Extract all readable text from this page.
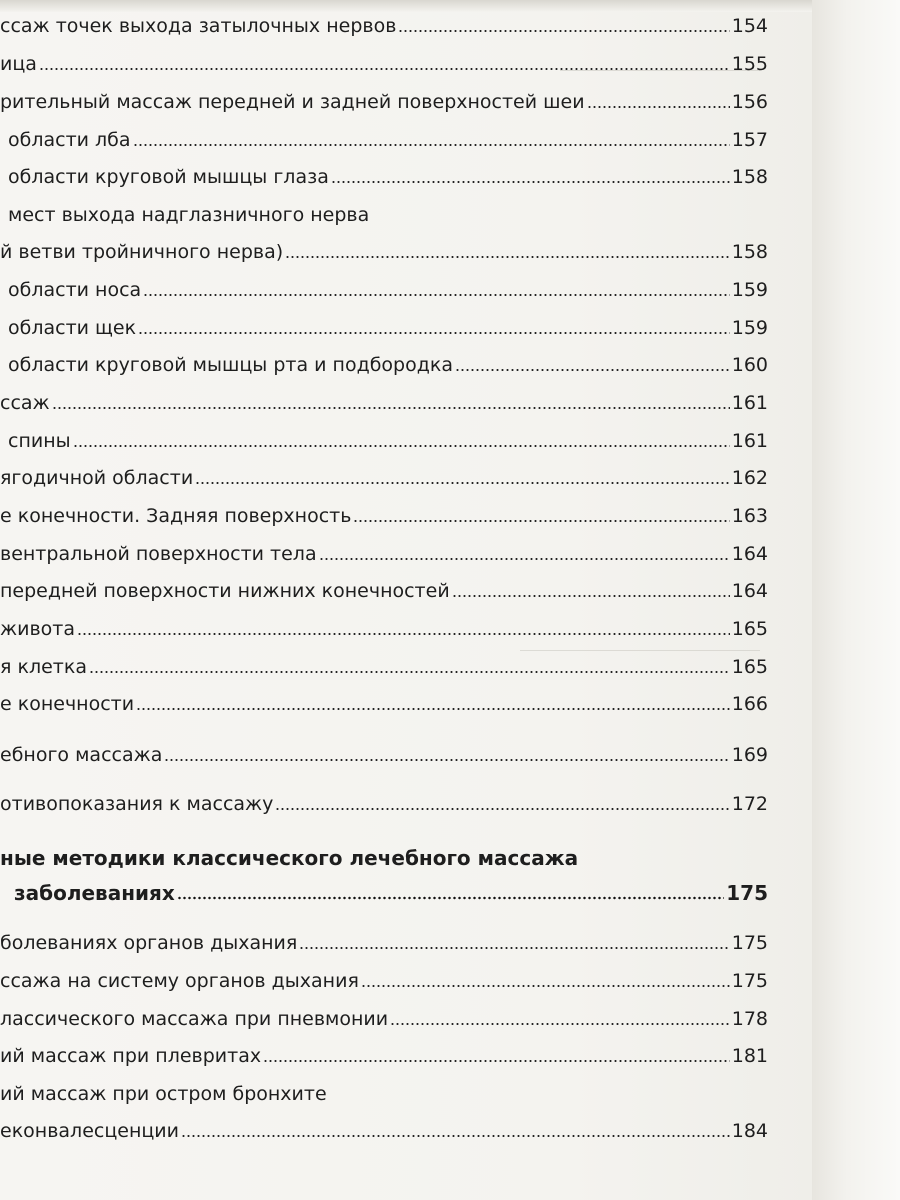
ссаж точек выхода затылочных нервов	154
ица	155
рительный массаж передней и задней поверхностей шеи	156
области лба	157
области круговой мышцы глаза	158
мест выхода надглазничного нерва
й ветви тройничного нерва)	158
области носа	159
области щек	159
области круговой мышцы рта и подбородка	160
ссаж	161
спины	161
ягодичной области	162
е конечности. Задняя поверхность	163
вентральной поверхности тела	164
передней поверхности нижних конечностей	164
живота	165
я клетка	165
е конечности	166
ебного массажа	169
отивопоказания к массажу	172
ные методики классического лечебного массажа
заболеваниях	175
болеваниях органов дыхания	175
ссажа на систему органов дыхания	175
лассического массажа при пневмонии	178
ий массаж при плевритах	181
ий массаж при остром бронхите
еконвалесценции	184
